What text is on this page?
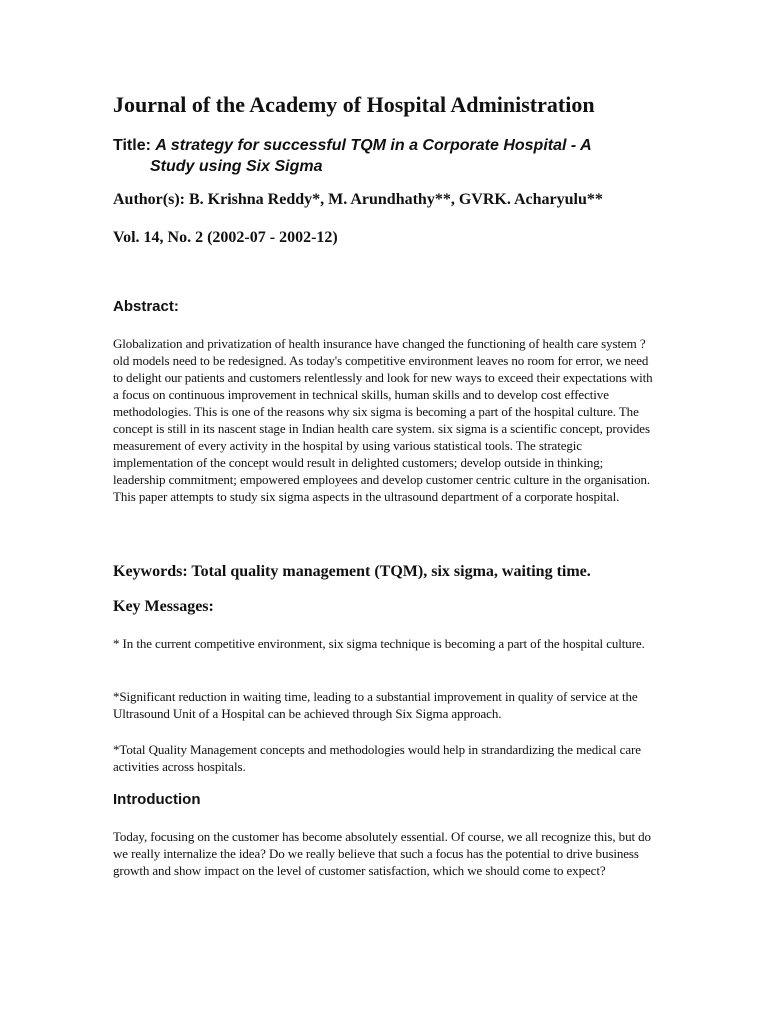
Journal of the Academy of Hospital Administration
Title: A strategy for successful TQM in a Corporate Hospital - A
Study using Six Sigma

Author(s): B. Krishna Reddy*, M. Arundhathy**, GVRK. Acharyulu**

Vol. 14, No. 2 (2002-07 - 2002-12)

Abstract:

Globalization and privatization of health insurance have changed the functioning of health care system ? old models need to be redesigned. As today's competitive environment leaves no room for error, we need to delight our patients and customers relentlessly and look for new ways to exceed their expectations with a focus on continuous improvement in technical skills, human skills and to develop cost effective methodologies. This is one of the reasons why six sigma is becoming a part of the hospital culture. The concept is still in its nascent stage in Indian health care system. six sigma is a scientific concept, provides measurement of every activity in the hospital by using various statistical tools. The strategic implementation of the concept would result in delighted customers; develop outside in thinking; leadership commitment; empowered employees and develop customer centric culture in the organisation. This paper attempts to study six sigma aspects in the ultrasound department of a corporate hospital.

Keywords: Total quality management (TQM), six sigma, waiting time.

Key Messages:

* In the current competitive environment, six sigma technique is becoming a part of the hospital culture.

*Significant reduction in waiting time, leading to a substantial improvement in quality of service at the Ultrasound Unit of a Hospital can be achieved through Six Sigma approach.

*Total Quality Management concepts and methodologies would help in strandardizing the medical care activities across hospitals.

Introduction

Today, focusing on the customer has become absolutely essential. Of course, we all recognize this, but do we really internalize the idea? Do we really believe that such a focus has the potential to drive business growth and show impact on the level of customer satisfaction, which we should come to expect?
